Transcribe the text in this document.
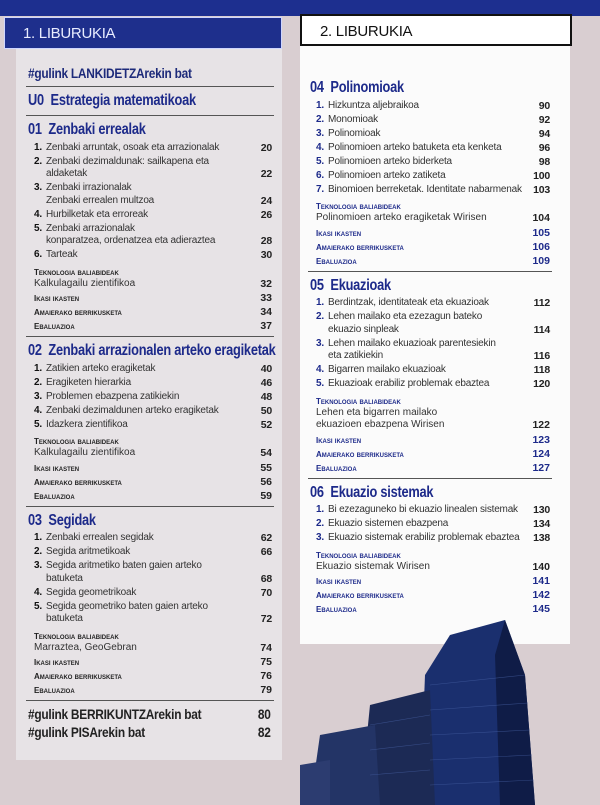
#gulink LANKIDETZArekin bat
U0 Estrategia matematikoak
01 Zenbaki errealak
1. Zenbaki arruntak, osoak eta arrazionalak	20
2. Zenbaki dezimaldunak: sailkapena eta aldaketak	22
3. Zenbaki irrazionalak
Zenbaki errealen multzoa	24
4. Hurbilketak eta erroreak	26
5. Zenbaki arrazionalak
konparatzea, ordenatzea eta adieraztea	28
6. Tarteak	30
Teknologia baliabideak
Kalkulagailu zientifikoa	32
Ikasi ikasten	33
Amaierako berrikusketa	34
Ebaluazioa	37
02 Zenbaki arrazionalen arteko eragiketak
1. Zatikien arteko eragiketak	40
2. Eragiketen hierarkia	46
3. Problemen ebazpena zatikiekin	48
4. Zenbaki dezimaldunen arteko eragiketak	50
5. Idazkera zientifikoa	52
Teknologia baliabideak
Kalkulagailu zientifikoa	54
Ikasi ikasten	55
Amaierako berrikusketa	56
Ebaluazioa	59
03 Segidak
1. Zenbaki errealen segidak	62
2. Segida aritmetikoak	66
3. Segida aritmetiko baten gaien arteko
batuketa	68
4. Segida geometrikoak	70
5. Segida geometriko baten gaien arteko
batuketa	72
Teknologia baliabideak
Marraztea, GeoGebran	74
Ikasi ikasten	75
Amaierako berrikusketa	76
Ebaluazioa	79
#gulink BERRIKUNTZArekin bat	80
#gulink PISArekin bat	82
04 Polinomioak
1. Hizkuntza aljebraikoa	90
2. Monomioak	92
3. Polinomioak	94
4. Polinomioen arteko batuketa eta kenketa	96
5. Polinomioen arteko biderketa	98
6. Polinomioen arteko zatiketa	100
7. Binomioen berreketak. Identitate nabarmenak	103
Teknologia baliabideak
Polinomioen arteko eragiketak Wirisen	104
Ikasi ikasten	105
Amaierako berrikusketa	106
Ebaluazioa	109
05 Ekuazioak
1. Berdintzak, identitateak eta ekuazioak	112
2. Lehen mailako eta ezezagun bateko
ekuazio sinpleak	114
3. Lehen mailako ekuazioak parentesiekin
eta zatikiekin	116
4. Bigarren mailako ekuazioak	118
5. Ekuazioak erabiliz problemak ebaztea	120
Teknologia baliabideak
Lehen eta bigarren mailako
ekuazioen ebazpena Wirisen	122
Ikasi ikasten	123
Amaierako berrikusketa	124
Ebaluazioa	127
06 Ekuazio sistemak
1. Bi ezezaguneko bi ekuazio linealen sistemak	130
2. Ekuazio sistemen ebazpena	134
3. Ekuazio sistemak erabiliz problemak ebaztea	138
Teknologia baliabideak
Ekuazio sistemak Wirisen	140
Ikasi ikasten	141
Amaierako berrikusketa	142
Ebaluazioa	145
1. LIBURUKIA	2. LIBURUKIA
